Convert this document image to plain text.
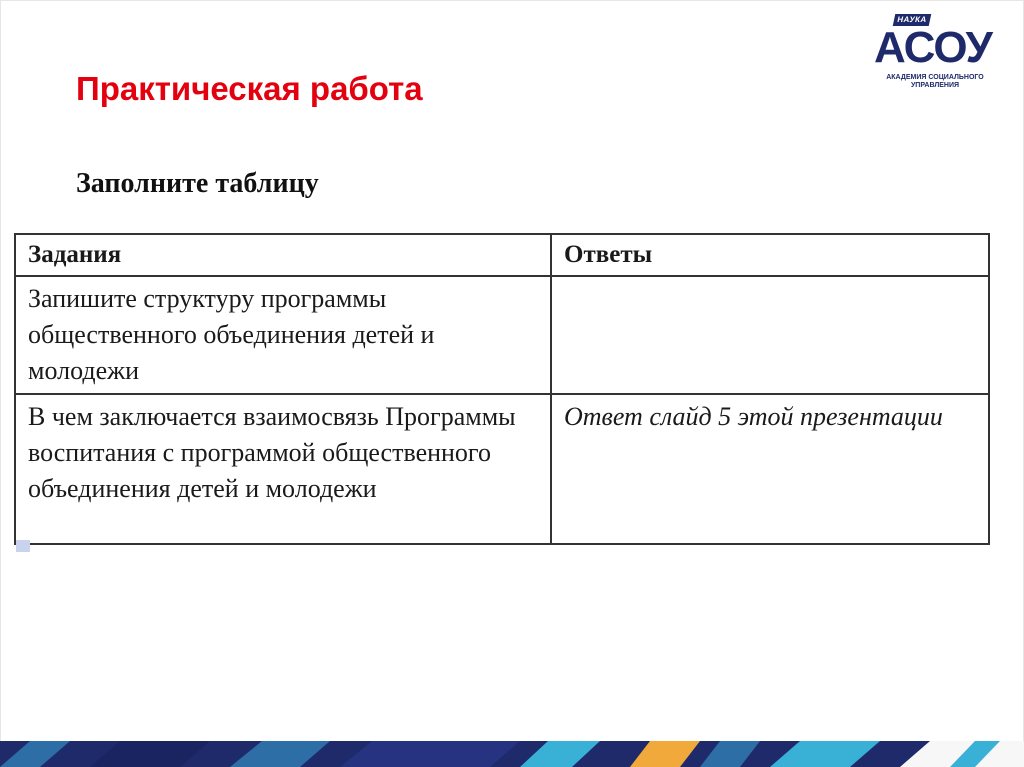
НАУКА
АСОУ
АКАДЕМИЯ СОЦИАЛЬНОГО УПРАВЛЕНИЯ
Практическая работа
Заполните таблицу
Задания	Ответы
Запишите структуру программы общественного объединения детей и молодежи	
В чем заключается взаимосвязь Программы воспитания с программой общественного объединения детей и молодежи	Ответ слайд 5 этой презентации
